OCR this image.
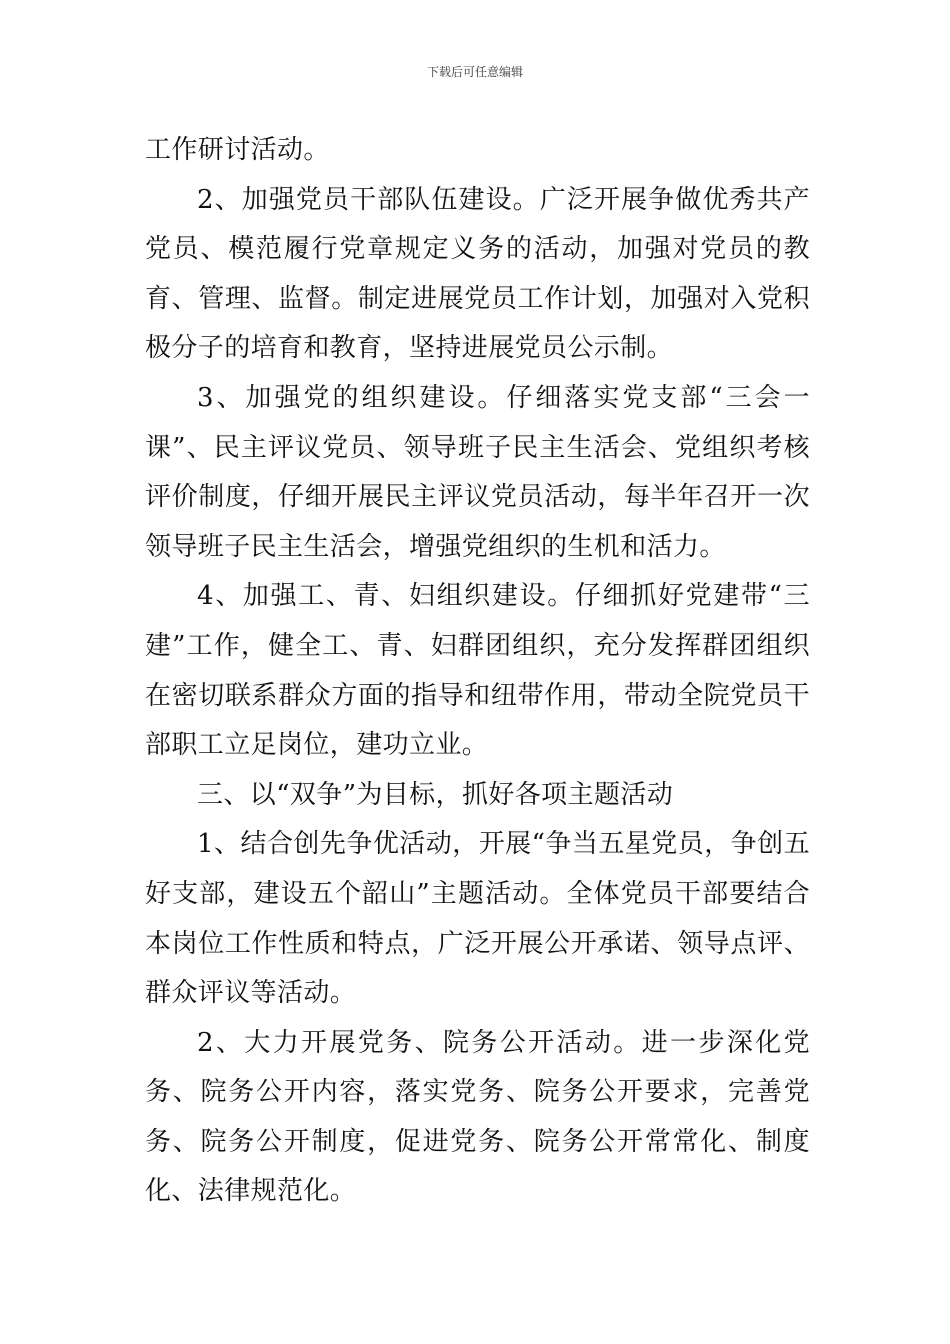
下载后可任意编辑

工作研讨活动。

2、加强党员干部队伍建设。广泛开展争做优秀共产党员、模范履行党章规定义务的活动，加强对党员的教育、管理、监督。制定进展党员工作计划，加强对入党积极分子的培育和教育，坚持进展党员公示制。

3、加强党的组织建设。仔细落实党支部“三会一课”、民主评议党员、领导班子民主生活会、党组织考核评价制度，仔细开展民主评议党员活动，每半年召开一次领导班子民主生活会，增强党组织的生机和活力。

4、加强工、青、妇组织建设。仔细抓好党建带“三建”工作，健全工、青、妇群团组织，充分发挥群团组织在密切联系群众方面的指导和纽带作用，带动全院党员干部职工立足岗位，建功立业。

三、以“双争”为目标，抓好各项主题活动

1、结合创先争优活动，开展“争当五星党员，争创五好支部，建设五个韶山”主题活动。全体党员干部要结合本岗位工作性质和特点，广泛开展公开承诺、领导点评、群众评议等活动。

2、大力开展党务、院务公开活动。进一步深化党务、院务公开内容，落实党务、院务公开要求，完善党务、院务公开制度，促进党务、院务公开常常化、制度化、法律规范化。
